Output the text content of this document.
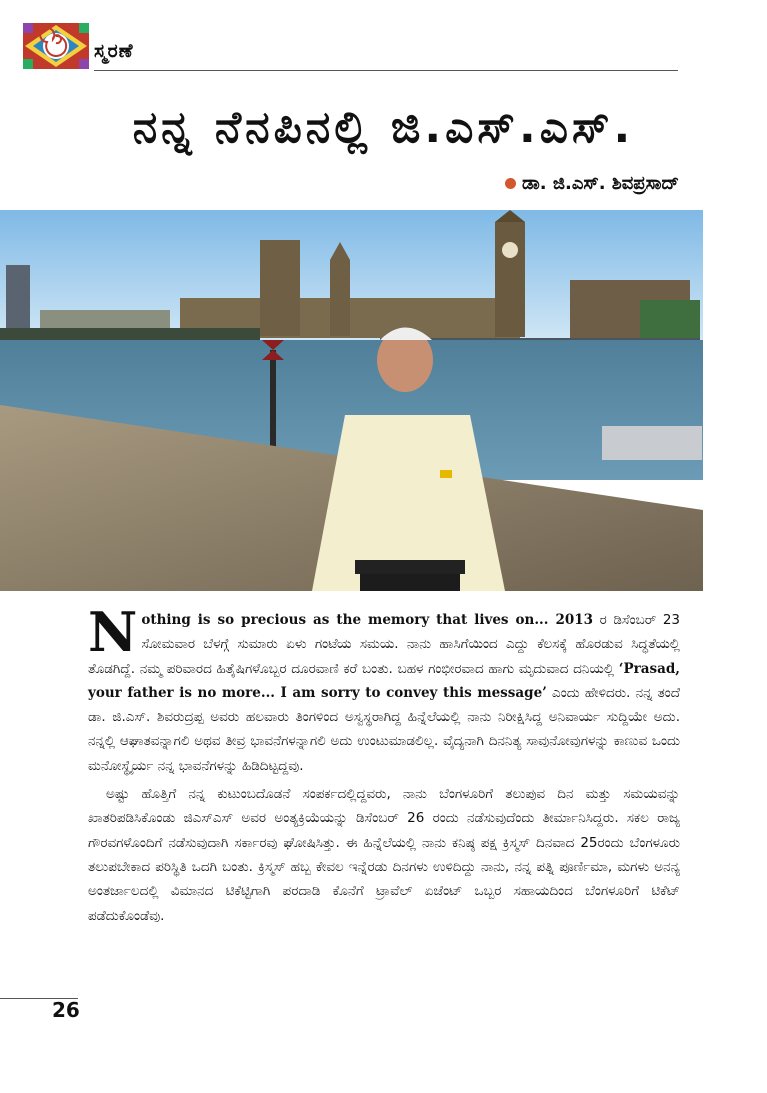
ಸ್ಮರಣೆ
ನನ್ನ ನೆನಪಿನಲ್ಲಿ ಜಿ.ಎಸ್.ಎಸ್.
ಡಾ. ಜಿ.ಎಸ್. ಶಿವಪ್ರಸಾದ್

N othing is so precious as the memory that lives on... 2013 ರ ಡಿಸೆಂಬರ್ 23 ಸೋಮವಾರ ಬೆಳಗ್ಗೆ ಸುಮಾರು ಏಳು ಗಂಟೆಯ ಸಮಯ. ನಾನು ಹಾಸಿಗೆಯಿಂದ ಎದ್ದು ಕೆಲಸಕ್ಕೆ ಹೊರಡುವ ಸಿದ್ಧತೆಯಲ್ಲಿ ತೊಡಗಿದ್ದೆ. ನಮ್ಮ ಪರಿವಾರದ ಹಿತೈಷಿಗಳೊಬ್ಬರ ದೂರವಾಣಿ ಕರೆ ಬಂತು. ಬಹಳ ಗಂಭೀರವಾದ ಹಾಗು ಮೃದುವಾದ ದನಿಯಲ್ಲಿ ‘Prasad, your father is no more... I am sorry to convey this message’ ಎಂದು ಹೇಳಿದರು. ನನ್ನ ತಂದೆ ಡಾ. ಜಿ.ಎಸ್. ಶಿವರುದ್ರಪ್ಪ ಅವರು ಹಲವಾರು ತಿಂಗಳಿಂದ ಅಸ್ವಸ್ಥರಾಗಿದ್ದ ಹಿನ್ನೆಲೆಯಲ್ಲಿ ನಾನು ನಿರೀಕ್ಷಿಸಿದ್ದ ಅನಿವಾರ್ಯ ಸುದ್ದಿಯೇ ಅದು. ನನ್ನಲ್ಲಿ ಆಘಾತವನ್ನಾಗಲಿ ಅಥವ ತೀವ್ರ ಭಾವನೆಗಳನ್ನಾಗಲಿ ಅದು ಉಂಟುಮಾಡಲಿಲ್ಲ. ವೈದ್ಯನಾಗಿ ದಿನನಿತ್ಯ ಸಾವುನೋವುಗಳನ್ನು ಕಾಣುವ ಒಂದು ಮನೋಸ್ಥೈರ್ಯ ನನ್ನ ಭಾವನೆಗಳನ್ನು ಹಿಡಿದಿಟ್ಟದ್ದವು.

ಅಷ್ಟು ಹೊತ್ತಿಗೆ ನನ್ನ ಕುಟುಂಬದೊಡನೆ ಸಂಪರ್ಕದಲ್ಲಿದ್ದವರು, ನಾನು ಬೆಂಗಳೂರಿಗೆ ತಲುಪುವ ದಿನ ಮತ್ತು ಸಮಯವನ್ನು ಖಾತರಿಪಡಿಸಿಕೊಂಡು ಜಿಎಸ್‌ಎಸ್ ಅವರ ಅಂತ್ಯಕ್ರಿಯೆಯನ್ನು ಡಿಸೆಂಬರ್ 26 ರಂದು ನಡೆಸುವುದೆಂದು ತೀರ್ಮಾನಿಸಿದ್ದರು. ಸಕಲ ರಾಜ್ಯ ಗೌರವಗಳೊಂದಿಗೆ ನಡೆಸುವುದಾಗಿ ಸರ್ಕಾರವು ಘೋಷಿಸಿತ್ತು. ಈ ಹಿನ್ನೆಲೆಯಲ್ಲಿ ನಾನು ಕನಿಷ್ಠ ಪಕ್ಷ ಕ್ರಿಸ್ಮಸ್ ದಿನವಾದ 25ರಂದು ಬೆಂಗಳೂರು ತಲುಪಬೇಕಾದ ಪರಿಸ್ಥಿತಿ ಒದಗಿ ಬಂತು. ಕ್ರಿಸ್ಮಸ್ ಹಬ್ಬ ಕೇವಲ ಇನ್ನೆರಡು ದಿನಗಳು ಉಳಿದಿದ್ದು ನಾನು, ನನ್ನ ಪತ್ನಿ ಪೂರ್ಣಿಮಾ, ಮಗಳು ಅನನ್ಯ ಅಂತರ್ಜಾಲದಲ್ಲಿ ವಿಮಾನದ ಟಿಕೆಟ್ಟಿಗಾಗಿ ಪರದಾಡಿ ಕೊನೆಗೆ ಟ್ರಾವೆಲ್ ಏಜೆಂಟ್ ಒಬ್ಬರ ಸಹಾಯದಿಂದ ಬೆಂಗಳೂರಿಗೆ ಟಿಕೆಟ್ ಪಡೆದುಕೊಂಡೆವು.

26
